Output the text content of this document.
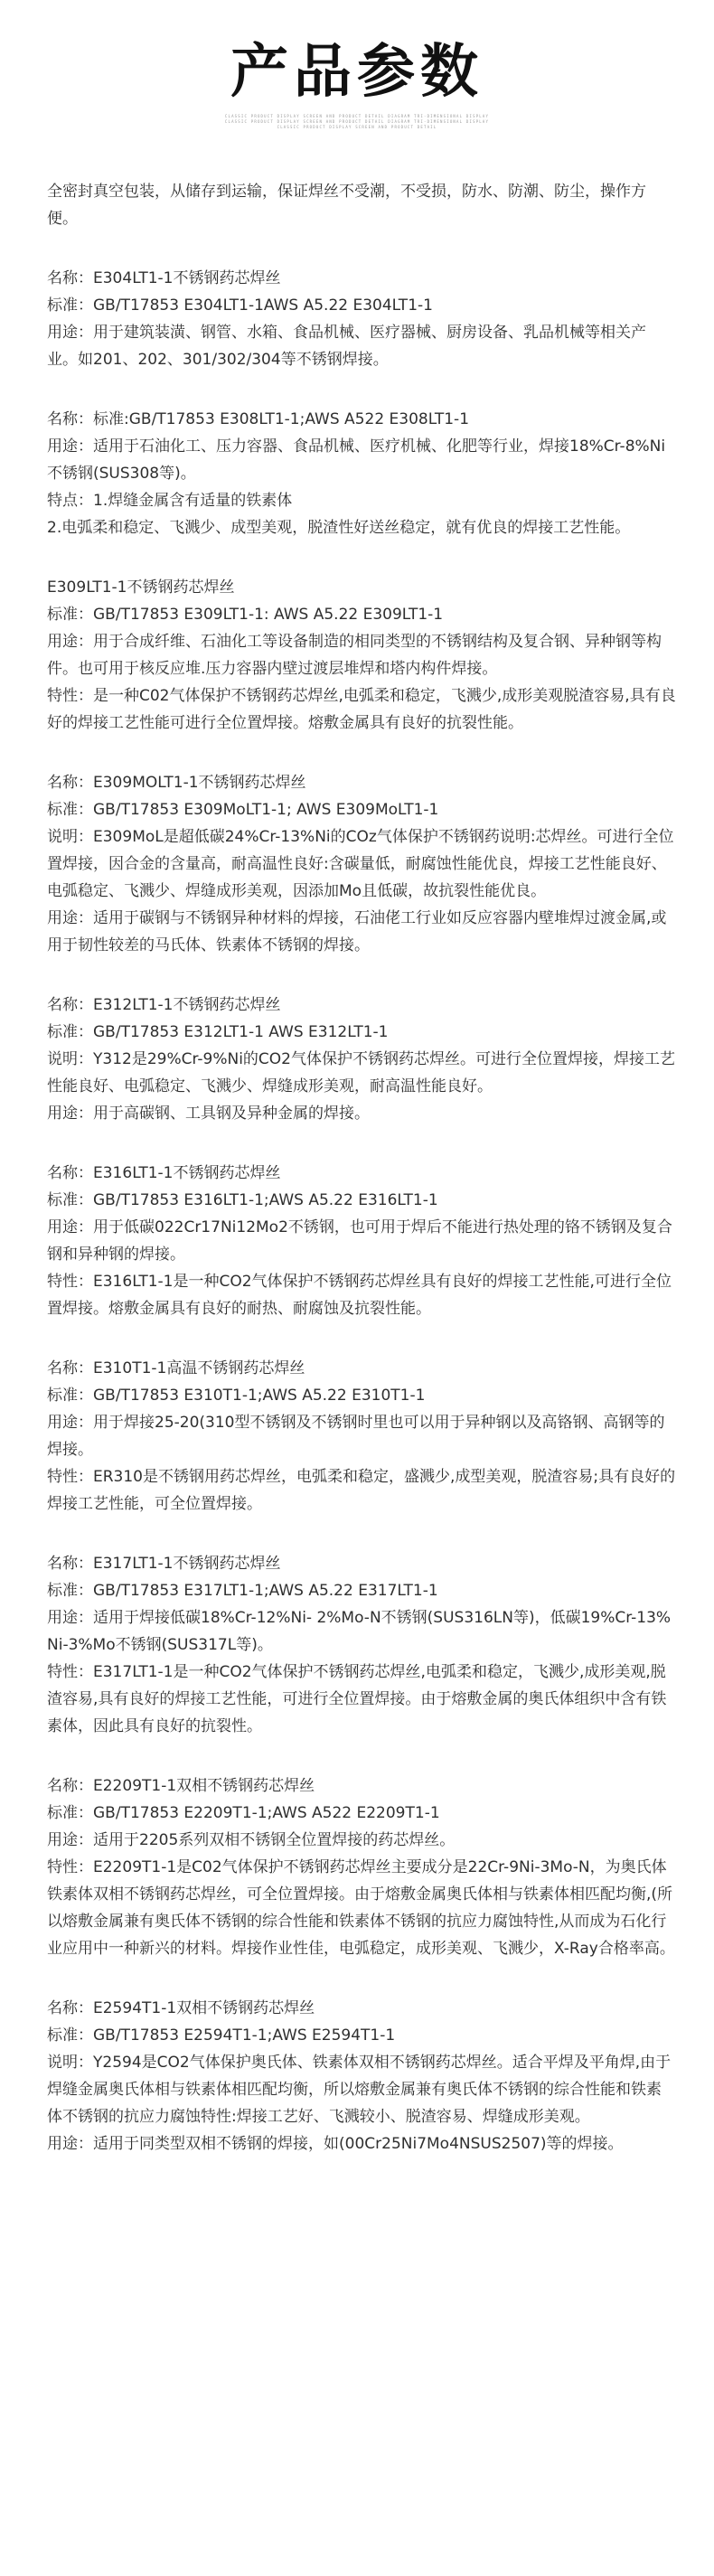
产品参数
CLASSIC PRODUCT DISPLAY SCREEN AND PRODUCT DETAIL DIAGRAM TRI-DIMENSIONAL DISPLAY
CLASSIC PRODUCT DISPLAY SCREEN AND PRODUCT DETAIL DIAGRAM TRI-DIMENSIONAL DISPLAY
CLASSIC PRODUCT DISPLAY SCREEN AND PRODUCT DETAIL

全密封真空包装，从储存到运输，保证焊丝不受潮，不受损，防水、防潮、防尘，操作方便。

名称：E304LT1-1不锈钢药芯焊丝
标准：GB/T17853 E304LT1-1AWS A5.22 E304LT1-1
用途：用于建筑装潢、钢管、水箱、食品机械、医疗器械、厨房设备、乳品机械等相关产业。如201、202、301/302/304等不锈钢焊接。
名称：标准:GB/T17853 E308LT1-1;AWS A522 E308LT1-1
用途：适用于石油化工、压力容器、食品机械、医疗机械、化肥等行业，焊接18%Cr-8%Ni不锈钢(SUS308等)。
特点：1.焊缝金属含有适量的铁素体
2.电弧柔和稳定、飞溅少、成型美观，脱渣性好送丝稳定，就有优良的焊接工艺性能。
E309LT1-1不锈钢药芯焊丝
标准：GB/T17853 E309LT1-1: AWS A5.22 E309LT1-1
用途：用于合成纤维、石油化工等设备制造的相同类型的不锈钢结构及复合钢、异种钢等构件。也可用于核反应堆.压力容器内壁过渡层堆焊和塔内构件焊接。
特性：是一种C02气体保护不锈钢药芯焊丝,电弧柔和稳定，飞溅少,成形美观脱渣容易,具有良好的焊接工艺性能可进行全位置焊接。熔敷金属具有良好的抗裂性能。
名称：E309MOLT1-1不锈钢药芯焊丝
标准：GB/T17853 E309MoLT1-1; AWS E309MoLT1-1
说明：E309MoL是超低碳24%Cr-13%Ni的COz气体保护不锈钢药说明:芯焊丝。可进行全位置焊接，因合金的含量高，耐高温性良好:含碳量低，耐腐蚀性能优良，焊接工艺性能良好、电弧稳定、飞溅少、焊缝成形美观，因添加Mo且低碳，故抗裂性能优良。
用途：适用于碳钢与不锈钢异种材料的焊接，石油佬工行业如反应容器内壁堆焊过渡金属,或用于韧性较差的马氏体、铁素体不锈钢的焊接。
名称：E312LT1-1不锈钢药芯焊丝
标准：GB/T17853 E312LT1-1 AWS E312LT1-1
说明：Y312是29%Cr-9%Ni的CO2气体保护不锈钢药芯焊丝。可进行全位置焊接，焊接工艺性能良好、电弧稳定、飞溅少、焊缝成形美观，耐高温性能良好。
用途：用于高碳钢、工具钢及异种金属的焊接。
名称：E316LT1-1不锈钢药芯焊丝
标准：GB/T17853 E316LT1-1;AWS A5.22 E316LT1-1
用途：用于低碳022Cr17Ni12Mo2不锈钢，也可用于焊后不能进行热处理的铬不锈钢及复合钢和异种钢的焊接。
特性：E316LT1-1是一种CO2气体保护不锈钢药芯焊丝具有良好的焊接工艺性能,可进行全位置焊接。熔敷金属具有良好的耐热、耐腐蚀及抗裂性能。
名称：E310T1-1高温不锈钢药芯焊丝
标准：GB/T17853 E310T1-1;AWS A5.22 E310T1-1
用途：用于焊接25-20(310型不锈钢及不锈钢时里也可以用于异种钢以及高铬钢、高钢等的焊接。
特性：ER310是不锈钢用药芯焊丝，电弧柔和稳定，盛溅少,成型美观，脱渣容易;具有良好的焊接工艺性能，可全位置焊接。
名称：E317LT1-1不锈钢药芯焊丝
标准：GB/T17853 E317LT1-1;AWS A5.22 E317LT1-1
用途：适用于焊接低碳18%Cr-12%Ni- 2%Mo-N不锈钢(SUS316LN等)，低碳19%Cr-13%Ni-3%Mo不锈钢(SUS317L等)。
特性：E317LT1-1是一种CO2气体保护不锈钢药芯焊丝,电弧柔和稳定，飞溅少,成形美观,脱渣容易,具有良好的焊接工艺性能，可进行全位置焊接。由于熔敷金属的奥氏体组织中含有铁素体，因此具有良好的抗裂性。
名称：E2209T1-1双相不锈钢药芯焊丝
标准：GB/T17853 E2209T1-1;AWS A522 E2209T1-1
用途：适用于2205系列双相不锈钢全位置焊接的药芯焊丝。
特性：E2209T1-1是C02气体保护不锈钢药芯焊丝主要成分是22Cr-9Ni-3Mo-N，为奥氏体铁素体双相不锈钢药芯焊丝，可全位置焊接。由于熔敷金属奥氏体相与铁素体相匹配均衡,(所以熔敷金属兼有奥氏体不锈钢的综合性能和铁素体不锈钢的抗应力腐蚀特性,从而成为石化行业应用中一种新兴的材料。焊接作业性佳，电弧稳定，成形美观、飞溅少，X-Ray合格率高。
名称：E2594T1-1双相不锈钢药芯焊丝
标准：GB/T17853 E2594T1-1;AWS E2594T1-1
说明：Y2594是CO2气体保护奥氏体、铁素体双相不锈钢药芯焊丝。适合平焊及平角焊,由于焊缝金属奥氏体相与铁素体相匹配均衡，所以熔敷金属兼有奥氏体不锈钢的综合性能和铁素体不锈钢的抗应力腐蚀特性:焊接工艺好、飞溅较小、脱渣容易、焊缝成形美观。
用途：适用于同类型双相不锈钢的焊接，如(00Cr25Ni7Mo4NSUS2507)等的焊接。
